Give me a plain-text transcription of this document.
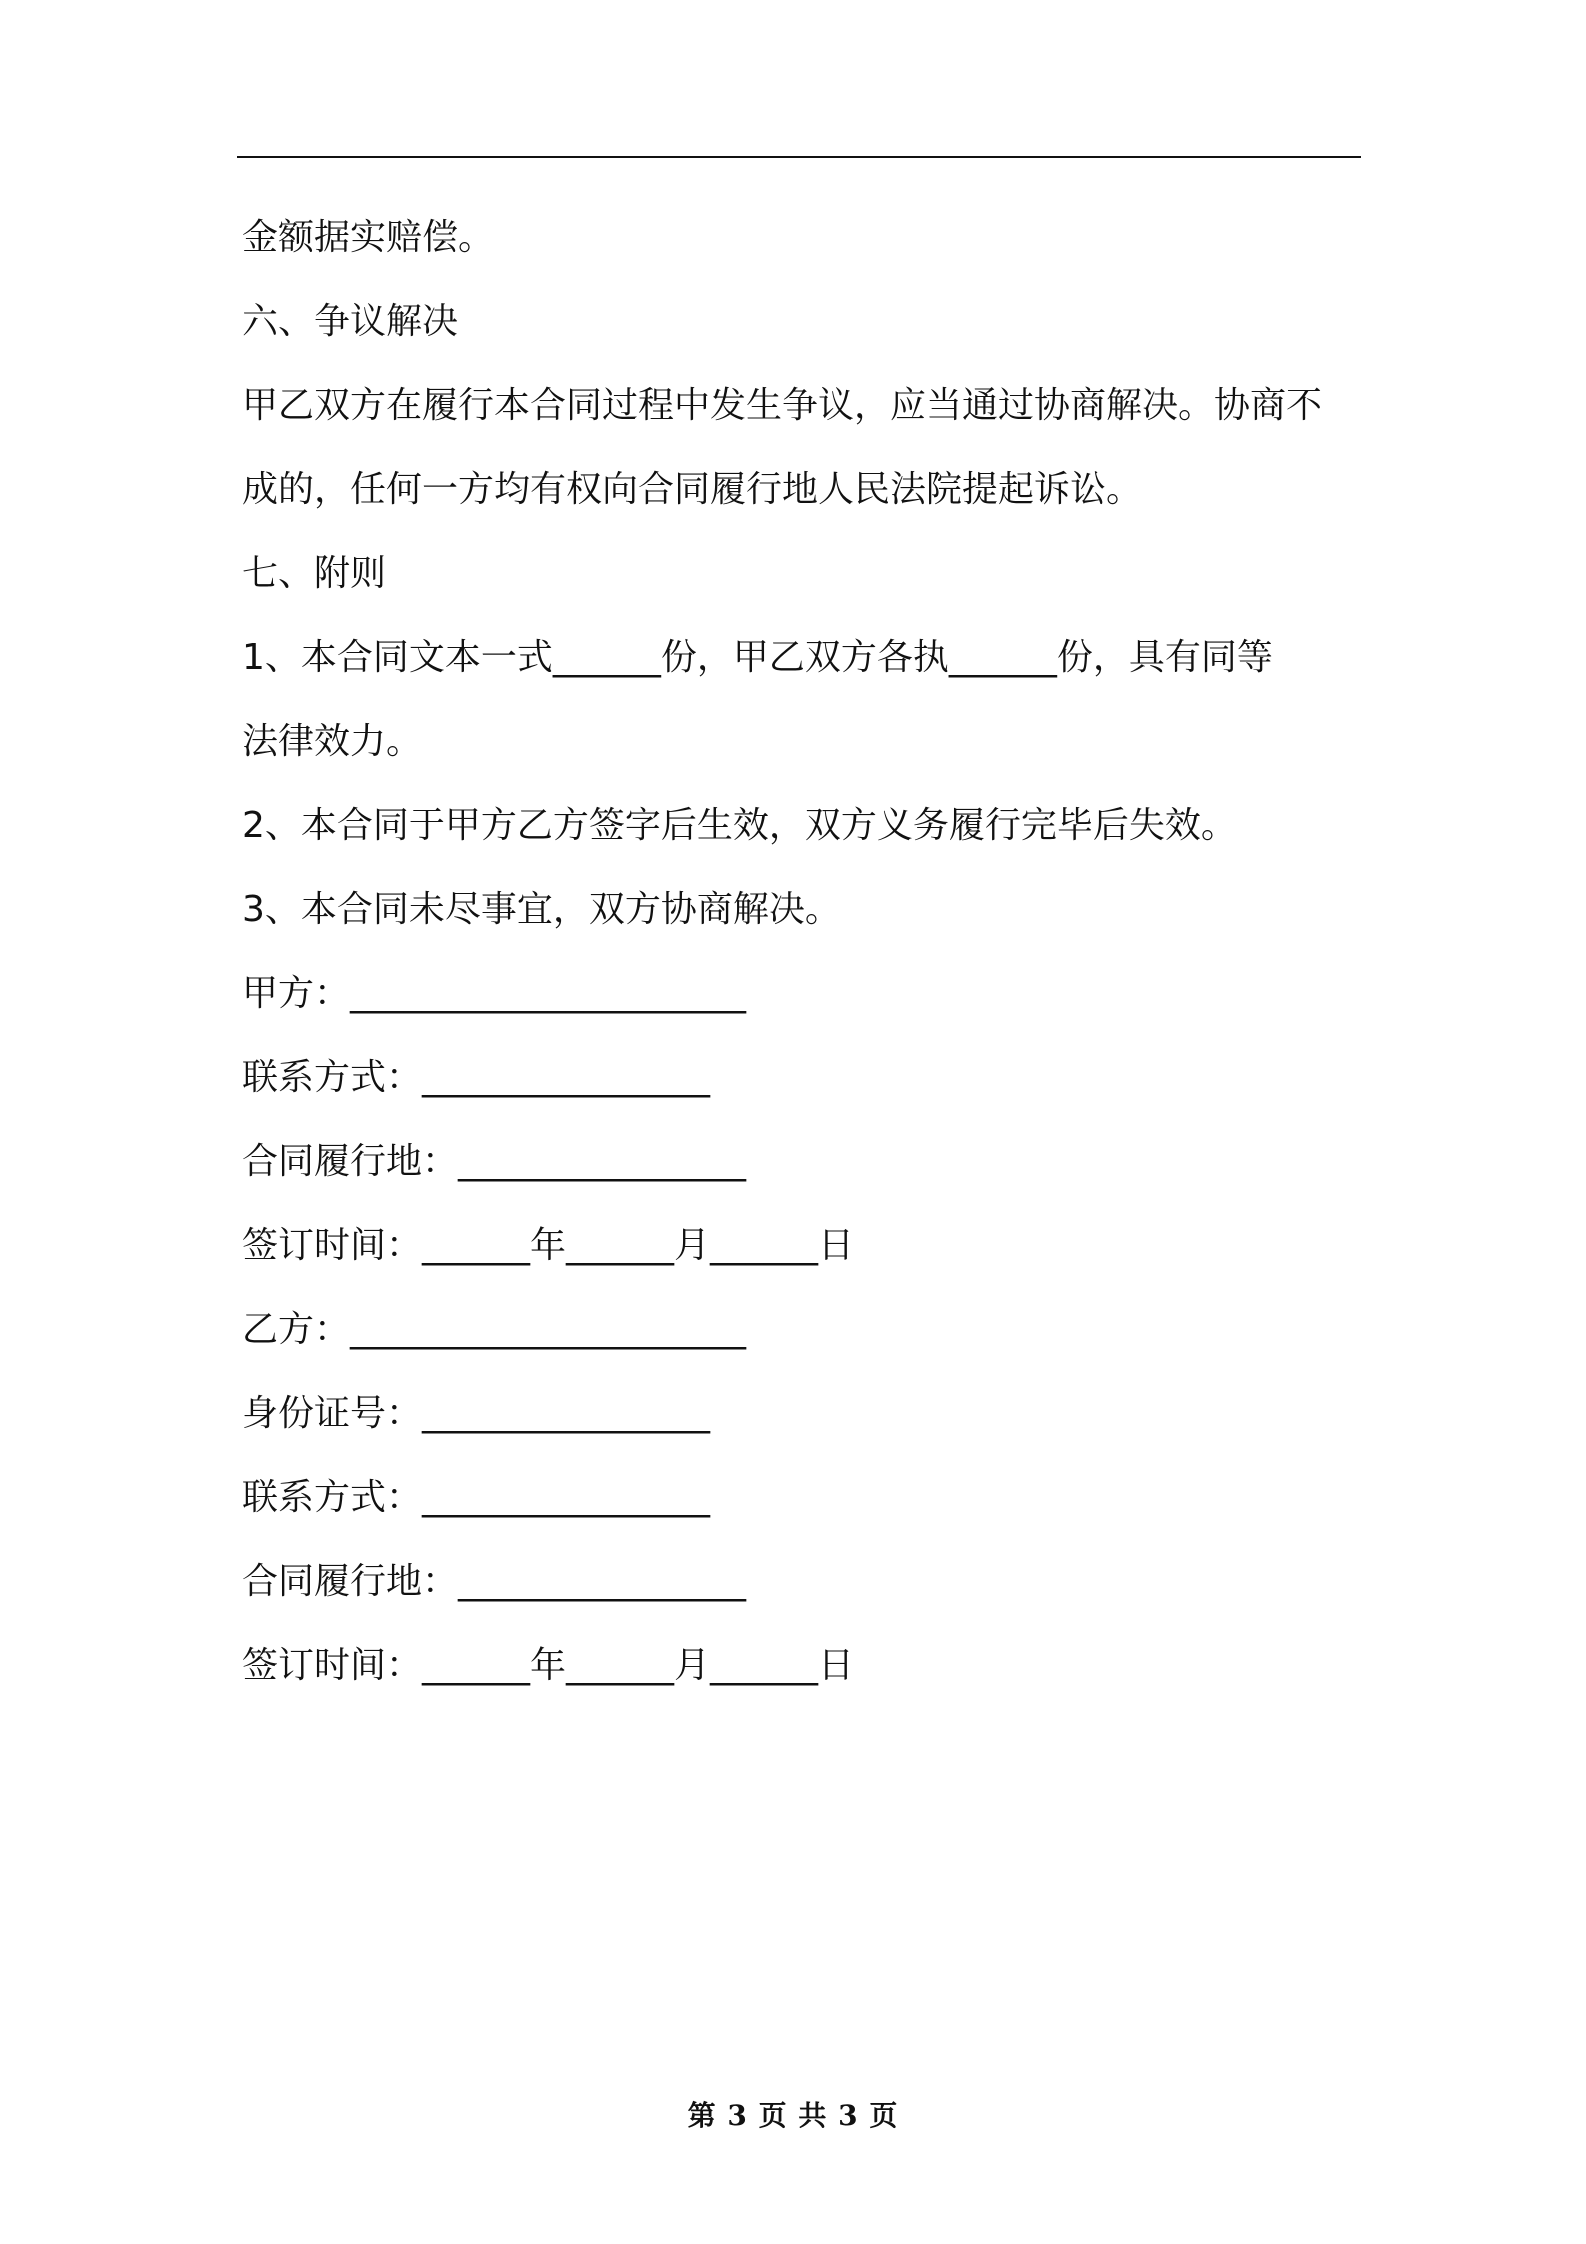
金额据实赔偿。
六、争议解决
甲乙双方在履行本合同过程中发生争议，应当通过协商解决。协商不
成的，任何一方均有权向合同履行地人民法院提起诉讼。
七、附则
1、本合同文本一式______份，甲乙双方各执______份，具有同等
法律效力。
2、本合同于甲方乙方签字后生效，双方义务履行完毕后失效。
3、本合同未尽事宜，双方协商解决。
甲方：______________________
联系方式：________________
合同履行地：________________
签订时间：______年______月______日
乙方：______________________
身份证号：________________
联系方式：________________
合同履行地：________________
签订时间：______年______月______日
第 3 页 共 3 页
